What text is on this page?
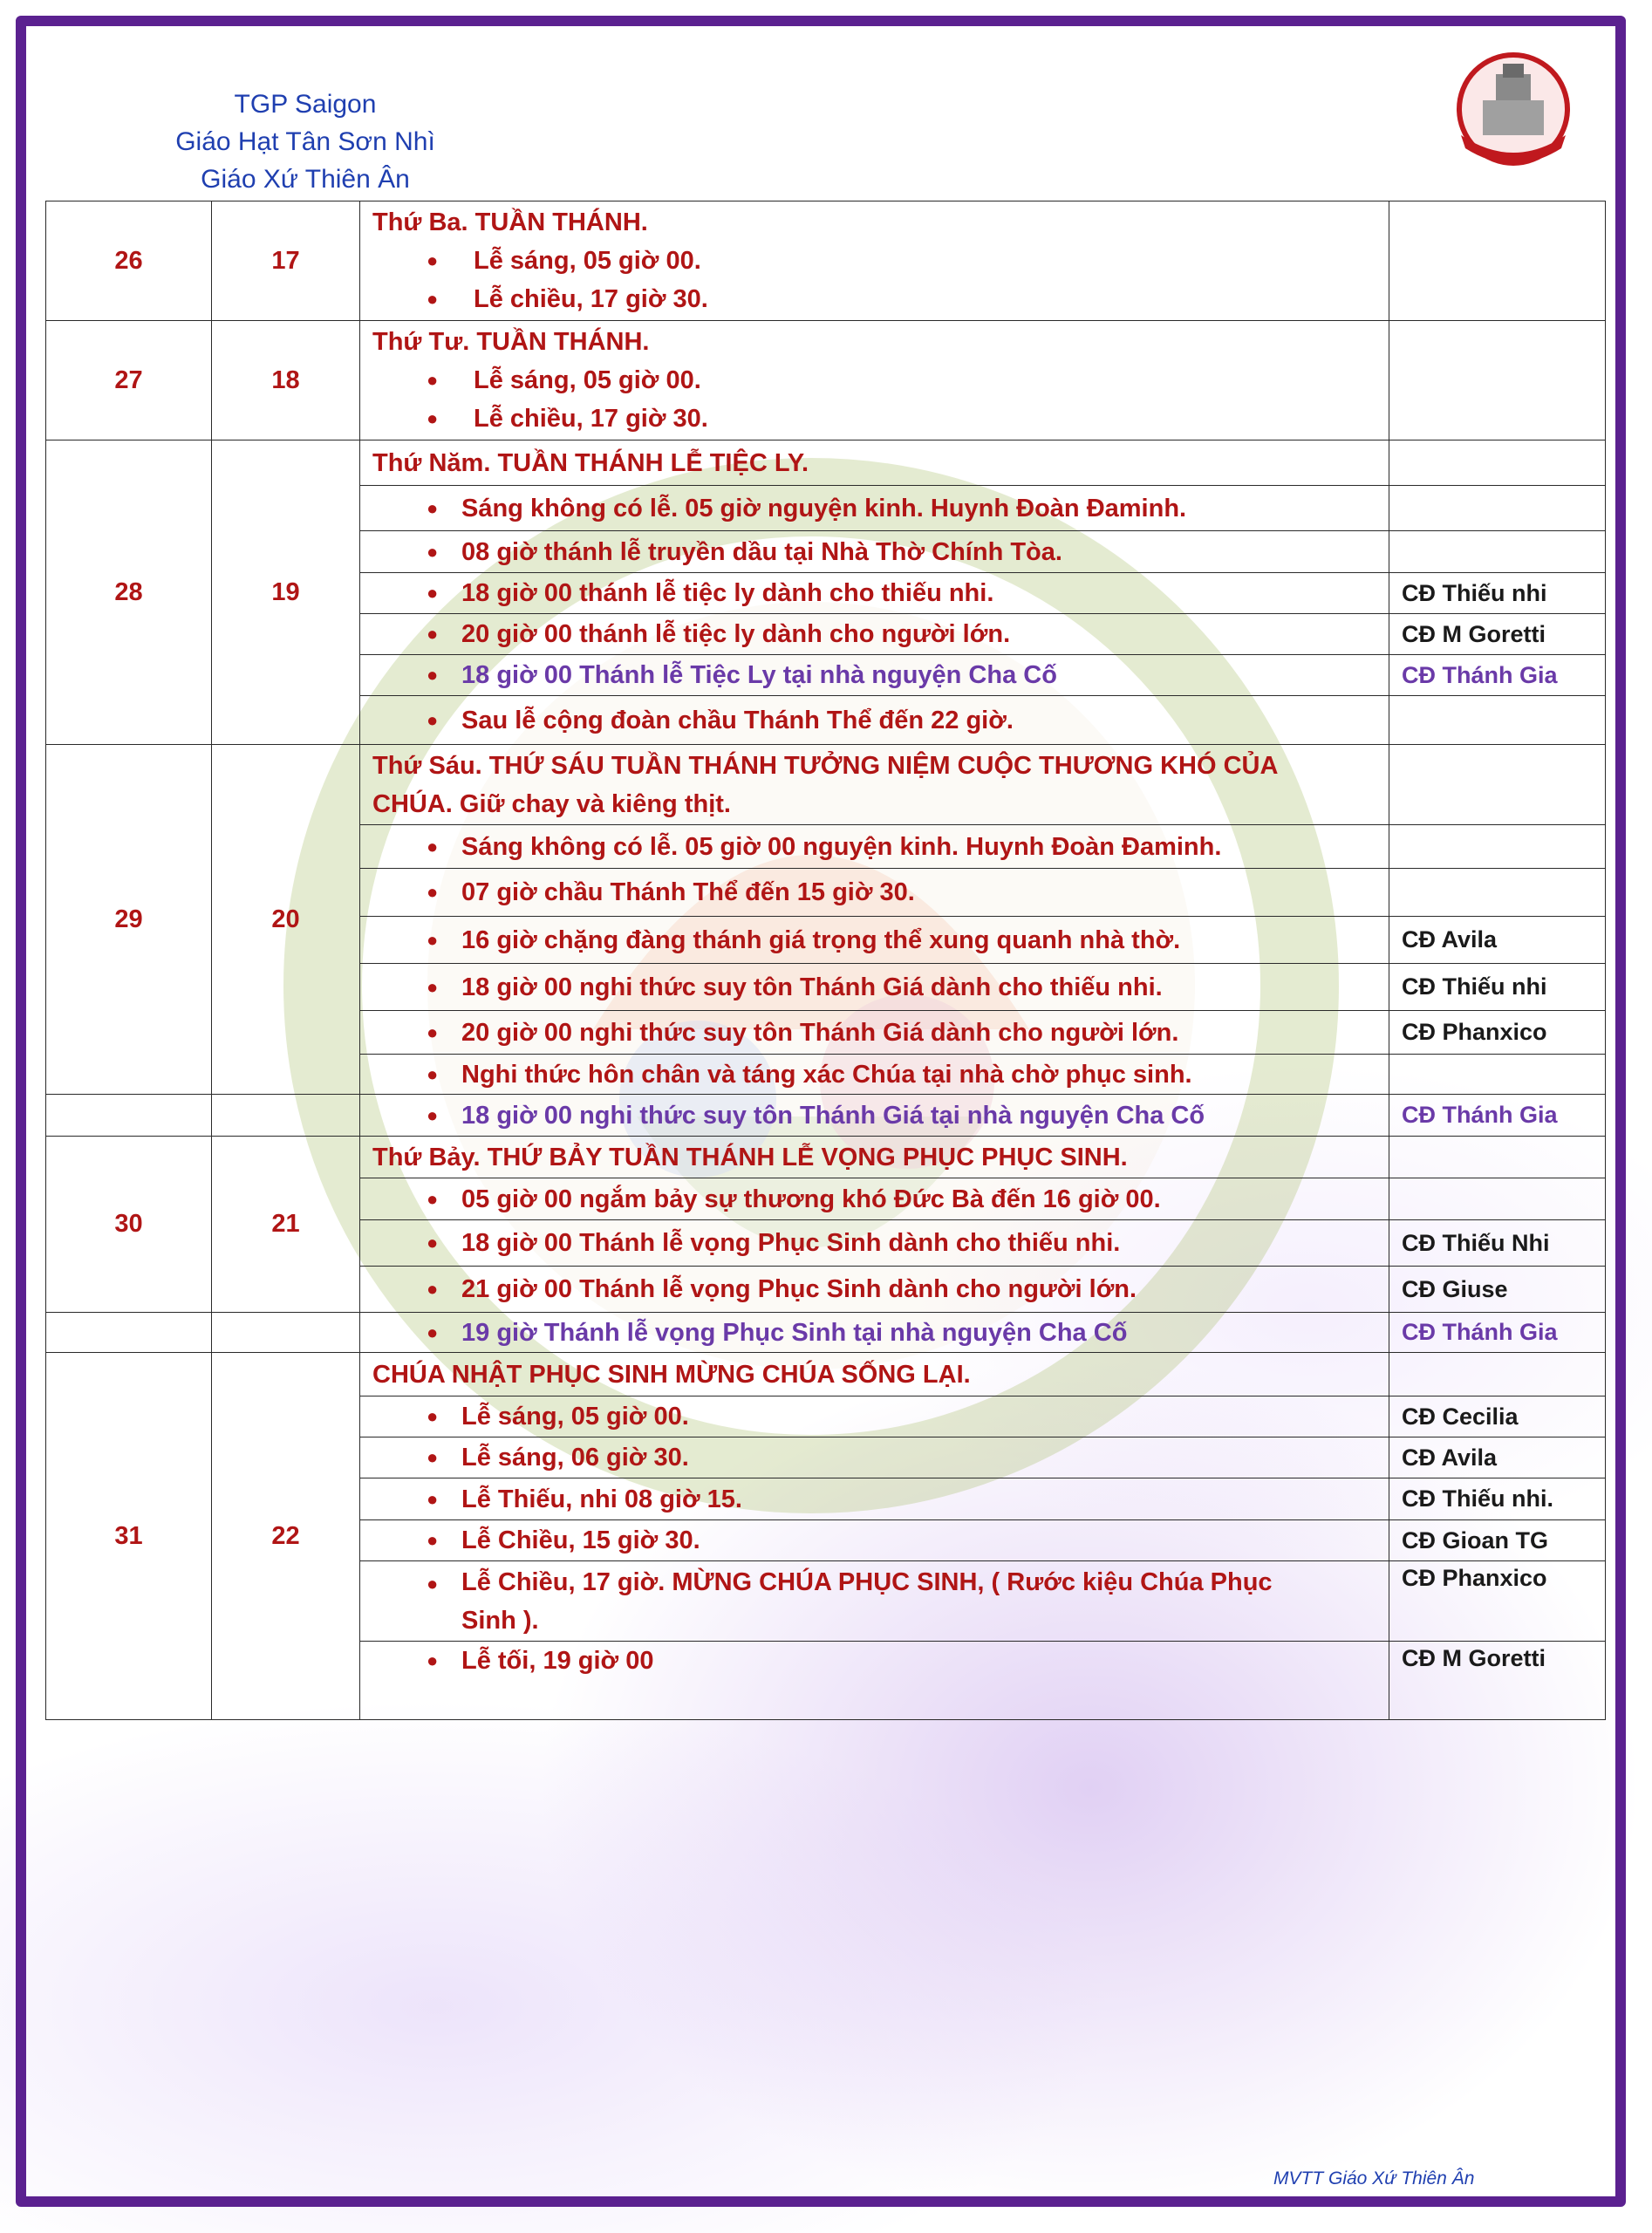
TGP Saigon
Giáo Hạt Tân Sơn Nhì
Giáo Xứ Thiên Ân
26	17	Thứ Ba. TUẦN THÁNH.
● Lễ sáng, 05 giờ 00.
● Lễ chiều, 17 giờ 30.	

27	18	Thứ Tư. TUẦN THÁNH.
● Lễ sáng, 05 giờ 00.
● Lễ chiều, 17 giờ 30.	

28	19	Thứ Năm. TUẦN THÁNH LỄ TIỆC LY.	

		● Sáng không có lễ. 05 giờ nguyện kinh. Huynh Đoàn Đaminh.	

		● 08 giờ thánh lễ truyền dầu tại Nhà Thờ Chính Tòa.	

		● 18 giờ 00 thánh lễ tiệc ly dành cho thiếu nhi.	CĐ Thiếu nhi

		● 20 giờ 00 thánh lễ tiệc ly dành cho người lớn.	CĐ M Goretti

		● 18 giờ 00 Thánh lễ Tiệc Ly tại nhà nguyện Cha Cố	CĐ Thánh Gia

		● Sau lễ cộng đoàn chầu Thánh Thể đến 22 giờ.	
29	20	Thứ Sáu. THỨ SÁU TUẦN THÁNH TƯỞNG NIỆM CUỘC THƯƠNG KHÓ CỦA
CHÚA. Giữ chay và kiêng thịt.	

		● Sáng không có lễ. 05 giờ 00 nguyện kinh. Huynh Đoàn Đaminh.	

		● 07 giờ chầu Thánh Thể đến 15 giờ 30.	

		● 16 giờ chặng đàng thánh giá trọng thể xung quanh nhà thờ.	CĐ Avila

		● 18 giờ 00 nghi thức suy tôn Thánh Giá dành cho thiếu nhi.	CĐ Thiếu nhi

		● 20 giờ 00 nghi thức suy tôn Thánh Giá dành cho người lớn.	CĐ Phanxico

		● Nghi thức hôn chân và táng xác Chúa tại nhà chờ phục sinh.	

		● 18 giờ 00 nghi thức suy tôn Thánh Giá tại nhà nguyện Cha Cố	CĐ Thánh Gia
30	21	Thứ Bảy. THỨ BẢY TUẦN THÁNH LỄ VỌNG PHỤC PHỤC SINH.	

		● 05 giờ 00 ngắm bảy sự thương khó Đức Bà đến 16 giờ 00.	

		● 18 giờ 00 Thánh lễ vọng Phục Sinh dành cho thiếu nhi.	CĐ Thiếu Nhi

		● 21 giờ 00 Thánh lễ vọng Phục Sinh dành cho người lớn.	CĐ Giuse

		● 19 giờ Thánh lễ vọng Phục Sinh tại nhà nguyện Cha Cố	CĐ Thánh Gia
31	22	CHÚA NHẬT PHỤC SINH MỪNG CHÚA SỐNG LẠI.	

		● Lễ sáng, 05 giờ 00.	CĐ Cecilia

		● Lễ sáng, 06 giờ 30.	CĐ Avila

		● Lễ Thiếu, nhi 08 giờ 15.	CĐ Thiếu nhi.

		● Lễ Chiều, 15 giờ 30.	CĐ Gioan TG

		● Lễ Chiều, 17 giờ. MỪNG CHÚA PHỤC SINH, ( Rước kiệu Chúa Phục
Sinh ).	CĐ Phanxico

		● Lễ tối, 19 giờ 00	CĐ M Goretti
MVTT Giáo Xứ Thiên Ân
